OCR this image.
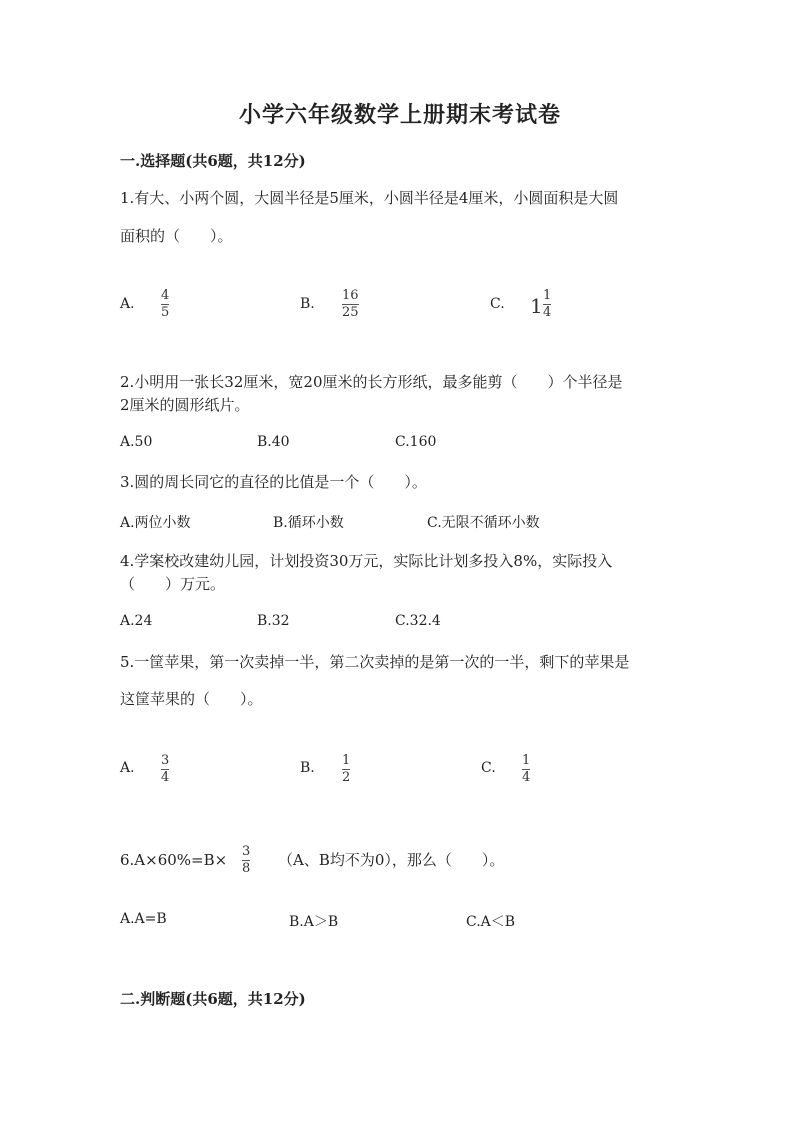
小学六年级数学上册期末考试卷
一.选择题(共6题，共12分)
1.有大、小两个圆，大圆半径是5厘米，小圆半径是4厘米，小圆面积是大圆
面积的（　　）。
A.
4
5
B.
16
25
C. 1 1
4
2.小明用一张长32厘米，宽20厘米的长方形纸，最多能剪（　　）个半径是
2厘米的圆形纸片。
A.50	B.40	C.160
3.圆的周长同它的直径的比值是一个（　　）。
A.两位小数	B.循环小数	C.无限不循环小数
4.学案校改建幼儿园，计划投资30万元，实际比计划多投入8%，实际投入
（　　）万元。
A.24	B.32	C.32.4
5.一筐苹果，第一次卖掉一半，第二次卖掉的是第一次的一半，剩下的苹果是
这筐苹果的（　　）。
A. 3
4
B. 1
2
C. 1
4
6.A×60%=B× 3
8 （A、B均不为0），那么（　　）。
A.A=B	B.A＞B	C.A＜B
二.判断题(共6题，共12分)
